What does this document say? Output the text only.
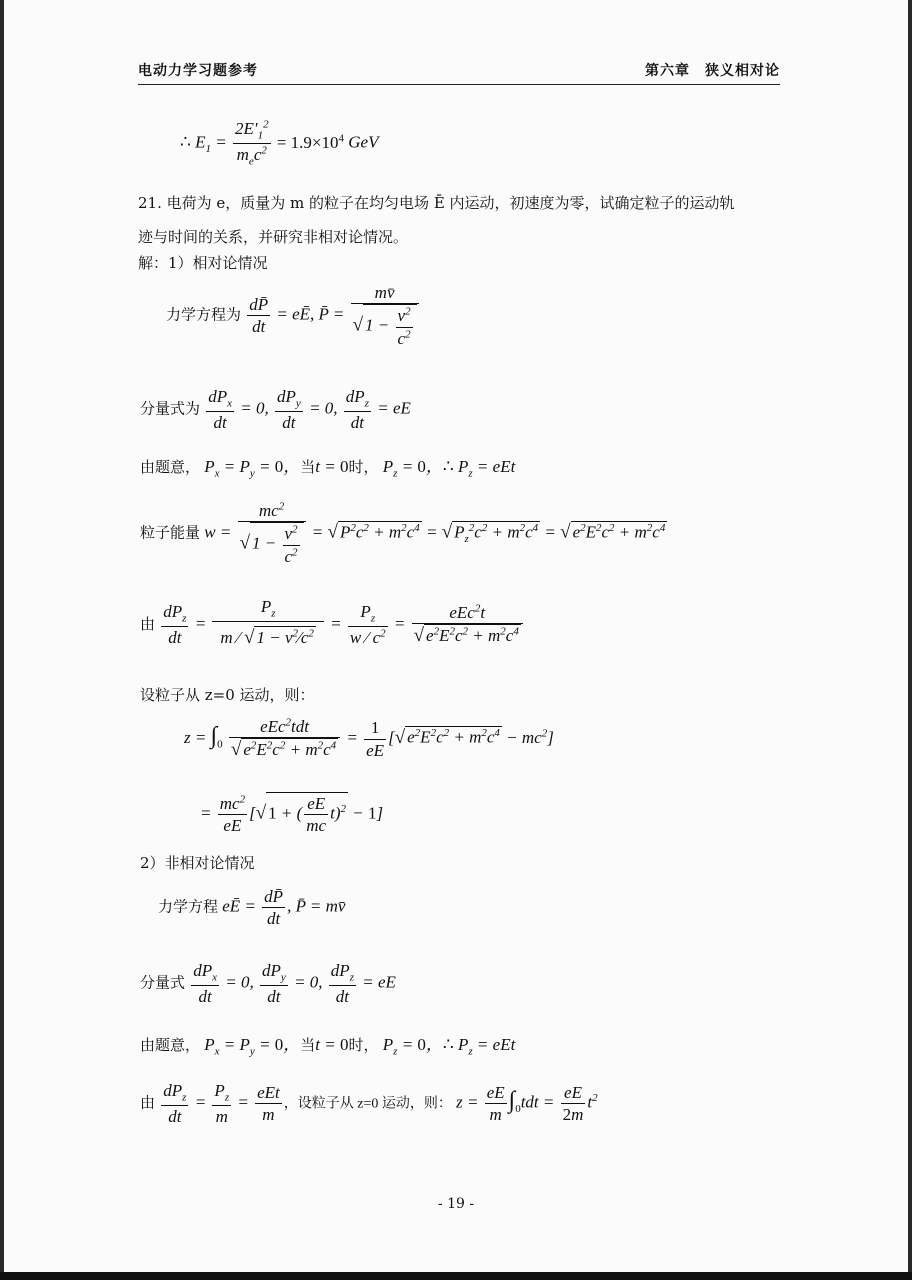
电动力学习题参考	第六章　狭义相对论
∴ $E_1 = \frac{2E'_1^2}{m_ec^2} = 1.9\times 10^4$ GeV
21. 电荷为 e，质量为 m 的粒子在均匀电场 Ē 内运动，初速度为零，试确定粒子的运动轨
迹与时间的关系，并研究非相对论情况。
解：1）相对论情况
力学方程为 $\frac{dP̄}{dt}$ = eĒ, P̄ = $\frac{mv̄}{√ 1 - \frac{v^2}{c^2}}$
分量式为 $\frac{dP_x}{dt} = 0$, $\frac{dP_y}{dt} = 0$, $\frac{dP_z}{dt}$ = eE
由题意， $P_x = P_y = 0$，当t = 0时， $P_z = 0$，∴ $P_z$ = eEt
粒子能量 $w = \frac{mc^2}{√ 1 - \frac{v^2}{c^2}}$ = √ $P^2c^2 + m^2c^4$ = √ $P_z^2c^2 + m^2c^4$ = √ $e^2E^2c^2 + m^2c^4$
由 $\frac{dP_z}{dt} = \frac{P_z}{m ⁄ √ 1 - v^2⁄c^2} = \frac{P_z}{w ⁄ c^2} = \frac{eEc^2t}{√ e^2E^2c^2 + m^2c^4}$
设粒子从 z=0 运动，则：
$z = \int_0 \frac{eEc^2tdt}{√ e^2E^2c^2 + m^2c^4} = \frac{1}{eE}$ [√ $e^2E^2c^2 + m^2c^4 - mc^2$]
= $\frac{mc^2}{eE}$ [√ 1 + ( $\frac{eE}{mc} t)^2 - 1$]
2）非相对论情况
力学方程 eĒ = $\frac{dP̄}{dt}$ , P̄ = mv̄
分量式 $\frac{dP_x}{dt} = 0$, $\frac{dP_y}{dt} = 0$, $\frac{dP_z}{dt}$ = eE
由题意， $P_x = P_y = 0$，当t = 0时， $P_z = 0$，∴ $P_z$ = eEt
由 $\frac{dP_z}{dt} = \frac{P_z}{m} = \frac{\text{eEt}}{m}$ ，设粒子从 z=0 运动，则： $z = \frac{eE}{m} \int_0tdt = \frac{eE}{2m} t^2$
- 19 -
